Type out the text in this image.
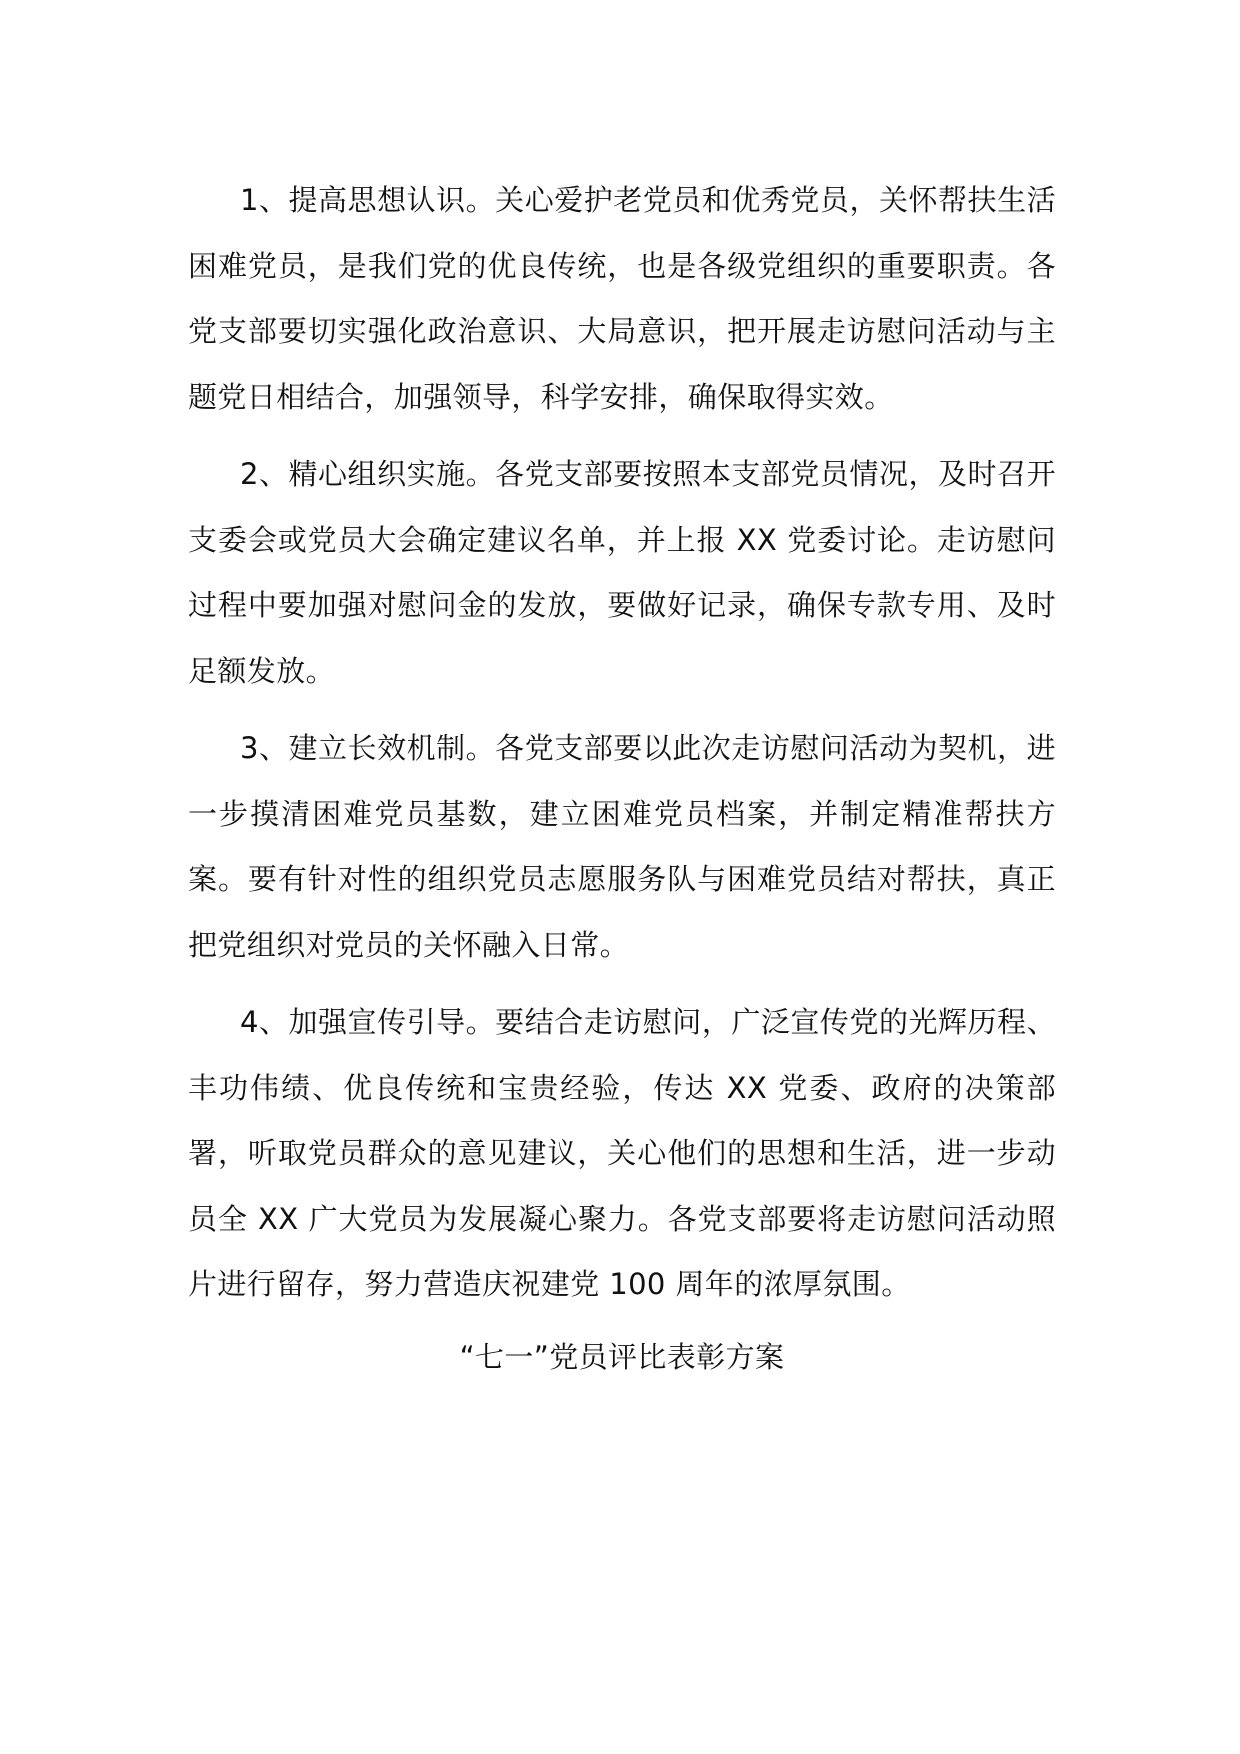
1、提高思想认识。关心爱护老党员和优秀党员，关怀帮扶生活困难党员，是我们党的优良传统，也是各级党组织的重要职责。各党支部要切实强化政治意识、大局意识，把开展走访慰问活动与主题党日相结合，加强领导，科学安排，确保取得实效。

2、精心组织实施。各党支部要按照本支部党员情况，及时召开支委会或党员大会确定建议名单，并上报 XX 党委讨论。走访慰问过程中要加强对慰问金的发放，要做好记录，确保专款专用、及时足额发放。

3、建立长效机制。各党支部要以此次走访慰问活动为契机，进一步摸清困难党员基数，建立困难党员档案，并制定精准帮扶方案。要有针对性的组织党员志愿服务队与困难党员结对帮扶，真正把党组织对党员的关怀融入日常。

4、加强宣传引导。要结合走访慰问，广泛宣传党的光辉历程、丰功伟绩、优良传统和宝贵经验，传达 XX 党委、政府的决策部署，听取党员群众的意见建议，关心他们的思想和生活，进一步动员全 XX 广大党员为发展凝心聚力。各党支部要将走访慰问活动照片进行留存，努力营造庆祝建党 100 周年的浓厚氛围。

“七一”党员评比表彰方案
